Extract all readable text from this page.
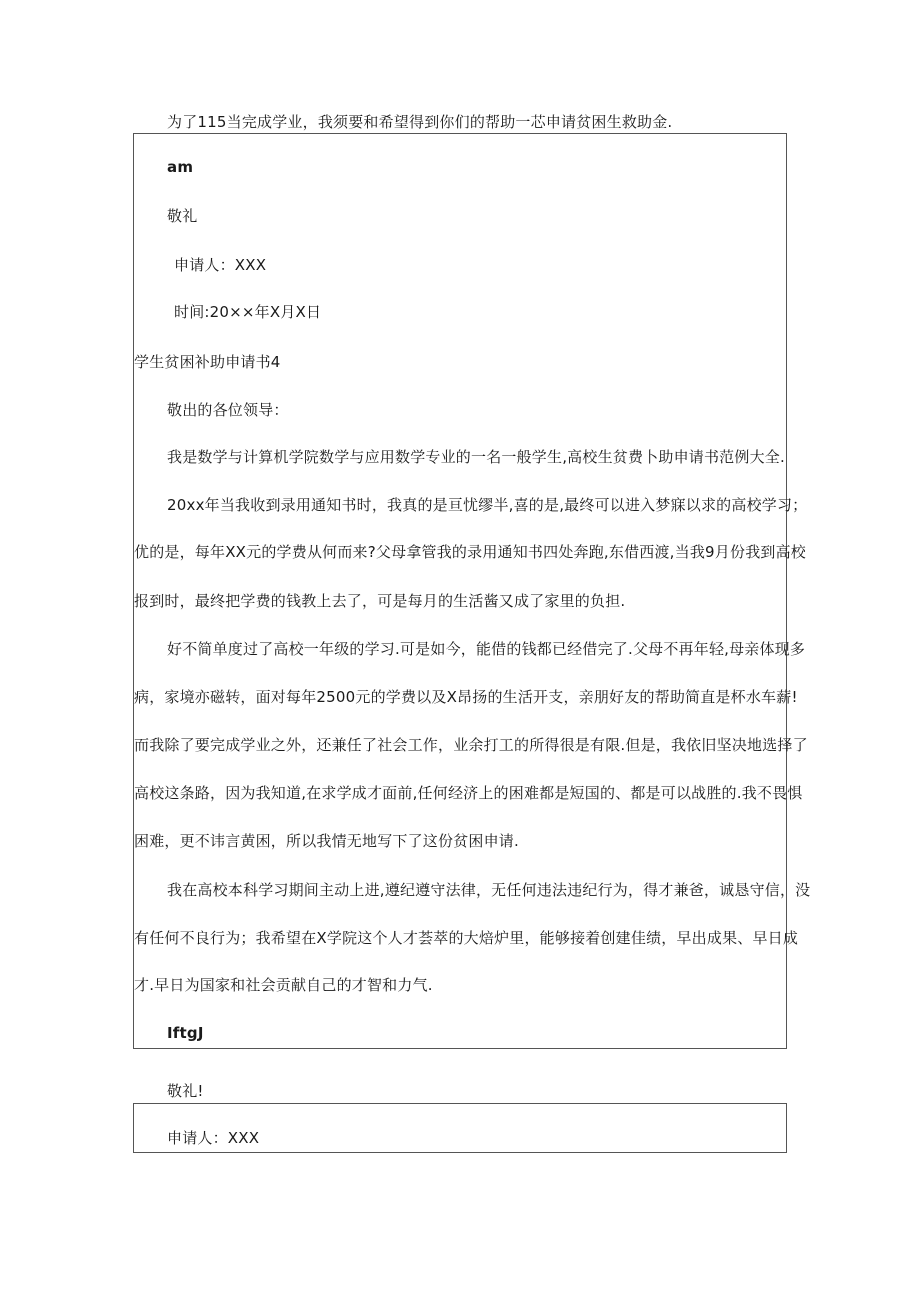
为了115当完成学业，我须要和希望得到你们的帮助一芯申请贫困生救助金.
am
敬礼
申请人：XXX
时间:20××年X月X日
学生贫困补助申请书4
敬出的各位领导：
我是数学与计算机学院数学与应用数学专业的一名一般学生,高校生贫费卜助申请书范例大全.
20xx年当我收到录用通知书时，我真的是亘忧缪半,喜的是,最终可以进入梦寐以求的高校学习；
优的是，每年XX元的学费从何而来?父母拿管我的录用通知书四处奔跑,东借西渡,当我9月份我到高校
报到时，最终把学费的钱教上去了，可是每月的生活酱又成了家里的负担.
好不简单度过了高校一年级的学习.可是如今，能借的钱都已经借完了.父母不再年轻,母亲体现多
病，家境亦磁转，面对每年2500元的学费以及X昂扬的生活开支，亲朋好友的帮助简直是杯水车薪!
而我除了要完成学业之外，还兼任了社会工作，业余打工的所得很是有限.但是，我依旧坚决地选择了
高校这条路，因为我知道,在求学成才面前,任何经济上的困难都是短国的、都是可以战胜的.我不畏惧
困难，更不讳言黄困，所以我情无地写下了这份贫困申请.
我在高校本科学习期间主动上进,遵纪遵守法律，无任何违法违纪行为，得才兼爸，诚恳守信，没
有任何不良行为；我希望在X学院这个人才荟萃的大焙炉里，能够接着创建佳绩，早出成果、早日成
才.早日为国家和社会贡献自己的才智和力气.
IftgJ
敬礼!
申请人：XXX
